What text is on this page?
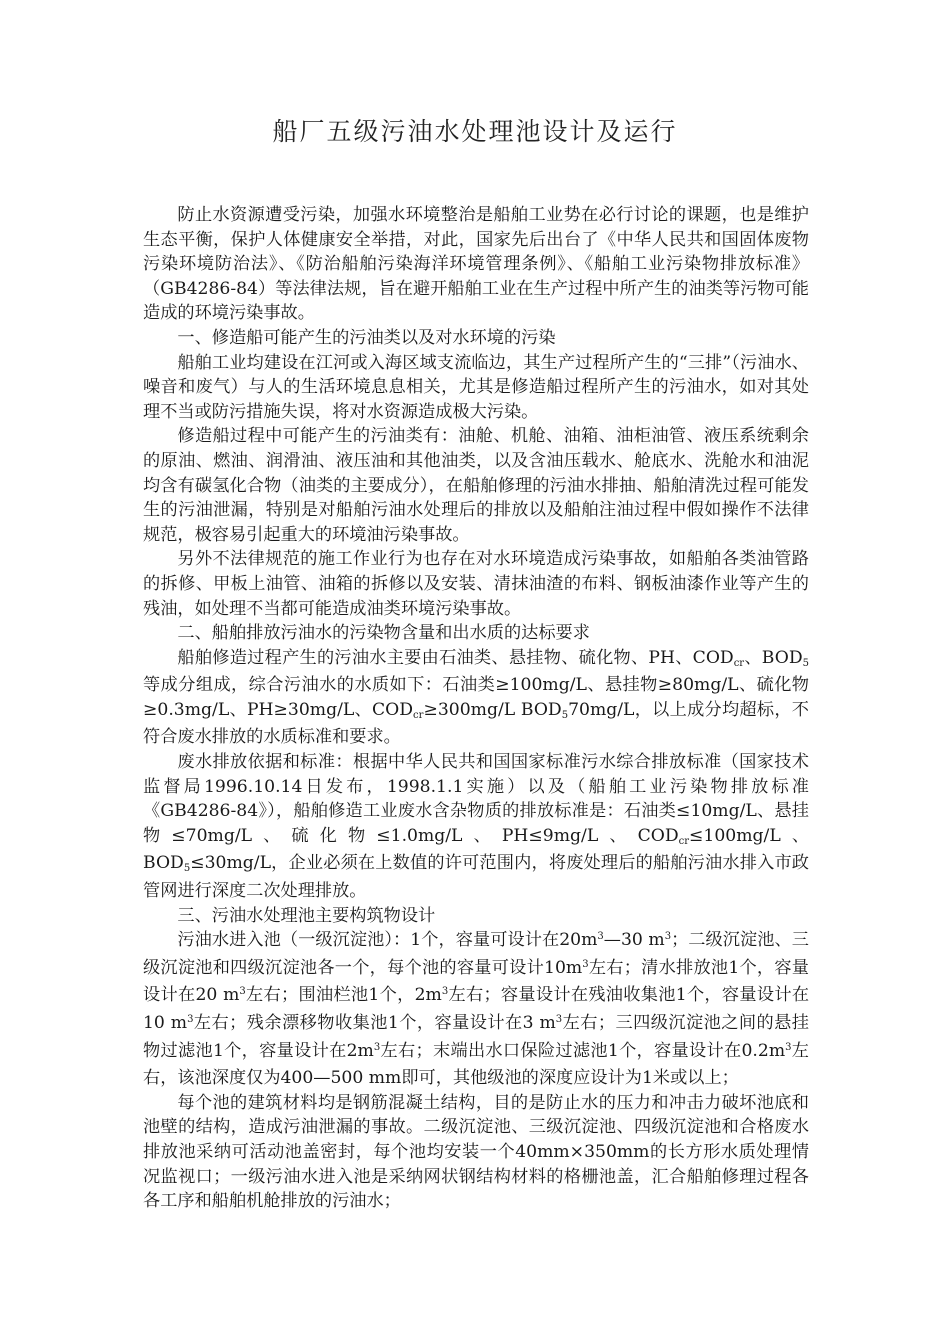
船厂五级污油水处理池设计及运行

防止水资源遭受污染，加强水环境整治是船舶工业势在必行讨论的课题，也是维护生态平衡，保护人体健康安全举措，对此，国家先后出台了《中华人民共和国固体废物污染环境防治法》、《防治船舶污染海洋环境管理条例》、《船舶工业污染物排放标准》（GB4286-84）等法律法规，旨在避开船舶工业在生产过程中所产生的油类等污物可能造成的环境污染事故。

一、修造船可能产生的污油类以及对水环境的污染

船舶工业均建设在江河或入海区域支流临边，其生产过程所产生的“三排”（污油水、噪音和废气）与人的生活环境息息相关，尤其是修造船过程所产生的污油水，如对其处理不当或防污措施失误，将对水资源造成极大污染。

修造船过程中可能产生的污油类有：油舱、机舱、油箱、油柜油管、液压系统剩余的原油、燃油、润滑油、液压油和其他油类，以及含油压载水、舱底水、洗舱水和油泥均含有碳氢化合物（油类的主要成分），在船舶修理的污油水排抽、船舶清洗过程可能发生的污油泄漏，特别是对船舶污油水处理后的排放以及船舶注油过程中假如操作不法律规范，极容易引起重大的环境油污染事故。

另外不法律规范的施工作业行为也存在对水环境造成污染事故，如船舶各类油管路的拆修、甲板上油管、油箱的拆修以及安装、清抹油渣的布料、钢板油漆作业等产生的残油，如处理不当都可能造成油类环境污染事故。

二、船舶排放污油水的污染物含量和出水质的达标要求

船舶修造过程产生的污油水主要由石油类、悬挂物、硫化物、PH、$COD_{cr}$、$BOD_5$等成分组成，综合污油水的水质如下：石油类≥100mg/L、悬挂物≥80mg/L、硫化物≥0.3mg/L、PH≥30mg/L、$COD_{cr}\ge 300mg/L$ $BOD_570mg/L$，以上成分均超标，不符合废水排放的水质标准和要求。

废水排放依据和标准：根据中华人民共和国国家标准污水综合排放标准（国家技术监督局1996.10.14日发布，1998.1.1实施）以及（船舶工业污染物排放标准《GB4286-84》），船舶修造工业废水含杂物质的排放标准是：石油类≤10mg/L、悬挂物≤70mg/L、硫化物≤1.0mg/L、PH≤9mg/L、$COD_{cr}\le 100mg/L$、$BOD_5\le 30mg/L$，企业必须在上数值的许可范围内，将废处理后的船舶污油水排入市政管网进行深度二次处理排放。

三、污油水处理池主要构筑物设计

污油水进入池（一级沉淀池）：1个，容量可设计在$20m^3—30$ $m^3$；二级沉淀池、三级沉淀池和四级沉淀池各一个，每个池的容量可设计$10m^3$左右；清水排放池1个，容量设计在20 $m^3$左右；围油栏池1个，$2m^3$左右；容量设计在残油收集池1个，容量设计在10 $m^3$左右；残余漂移物收集池1个，容量设计在3 $m^3$左右；三四级沉淀池之间的悬挂物过滤池1个，容量设计在$2m^3$左右；末端出水口保险过滤池1个，容量设计在$0.2m^3$左右，该池深度仅为400—500 mm即可，其他级池的深度应设计为1米或以上；

每个池的建筑材料均是钢筋混凝土结构，目的是防止水的压力和冲击力破坏池底和池壁的结构，造成污油泄漏的事故。二级沉淀池、三级沉淀池、四级沉淀池和合格废水排放池采纳可活动池盖密封，每个池均安装一个40mm×350mm的长方形水质处理情况监视口；一级污油水进入池是采纳网状钢结构材料的格栅池盖，汇合船舶修理过程各各工序和船舶机舱排放的污油水；
